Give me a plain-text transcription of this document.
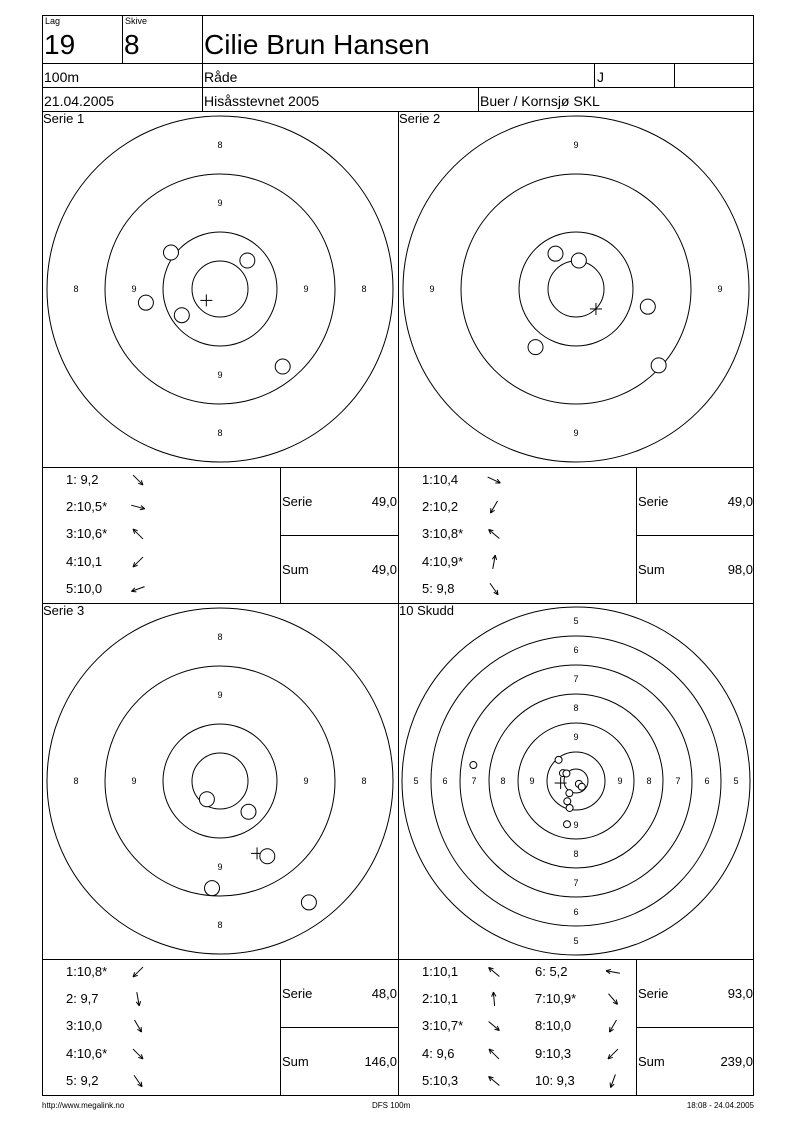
Lag
19
Skive
8 Cilie Brun Hansen
100m	Råde	J
21.04.2005	Hisåsstevnet 2005	Buer / Kornsjø SKL
Serie 1	Serie 2
Serie 3	10 Skudd
8
8
8	8
9
9
9	9
9
9
9	9
8
8
8	8
9
9
9	9
5
5
5	5
6
6
6	6
7
7
7	7
8
8
8	8
9
9
9	9
1: 9,2
2:10,5*
3:10,6*
4:10,1
5:10,0
Serie	49,0
Sum	49,0
1:10,4
2:10,2
3:10,8*
4:10,9*
5: 9,8
Serie	49,0
Sum	98,0
1:10,8*
2: 9,7
3:10,0
4:10,6*
5: 9,2
Serie	48,0
Sum	146,0
1:10,1
2:10,1
3:10,7*
4: 9,6
5:10,3
6: 5,2
7:10,9*
8:10,0
9:10,3
10: 9,3
Serie	93,0
Sum	239,0
http://www.megalink.no	DFS 100m	18:08 - 24.04.2005
